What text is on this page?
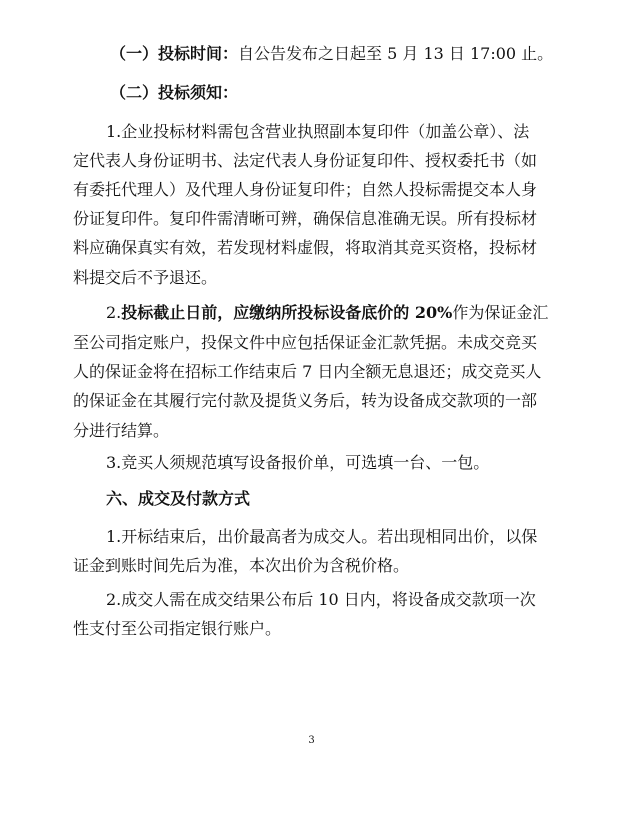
（一）投标时间：自公告发布之日起至 5 月 13 日 17:00 止。
（二）投标须知：
1.企业投标材料需包含营业执照副本复印件（加盖公章）、法
定代表人身份证明书、法定代表人身份证复印件、授权委托书（如
有委托代理人）及代理人身份证复印件；自然人投标需提交本人身
份证复印件。复印件需清晰可辨，确保信息准确无误。所有投标材
料应确保真实有效，若发现材料虚假，将取消其竞买资格，投标材
料提交后不予退还。
2.投标截止日前，应缴纳所投标设备底价的 20%作为保证金汇
至公司指定账户，投保文件中应包括保证金汇款凭据。未成交竞买
人的保证金将在招标工作结束后 7 日内全额无息退还；成交竞买人
的保证金在其履行完付款及提货义务后，转为设备成交款项的一部
分进行结算。
3.竞买人须规范填写设备报价单，可选填一台、一包。
六、成交及付款方式
1.开标结束后，出价最高者为成交人。若出现相同出价，以保
证金到账时间先后为准，本次出价为含税价格。
2.成交人需在成交结果公布后 10 日内，将设备成交款项一次
性支付至公司指定银行账户。
3
